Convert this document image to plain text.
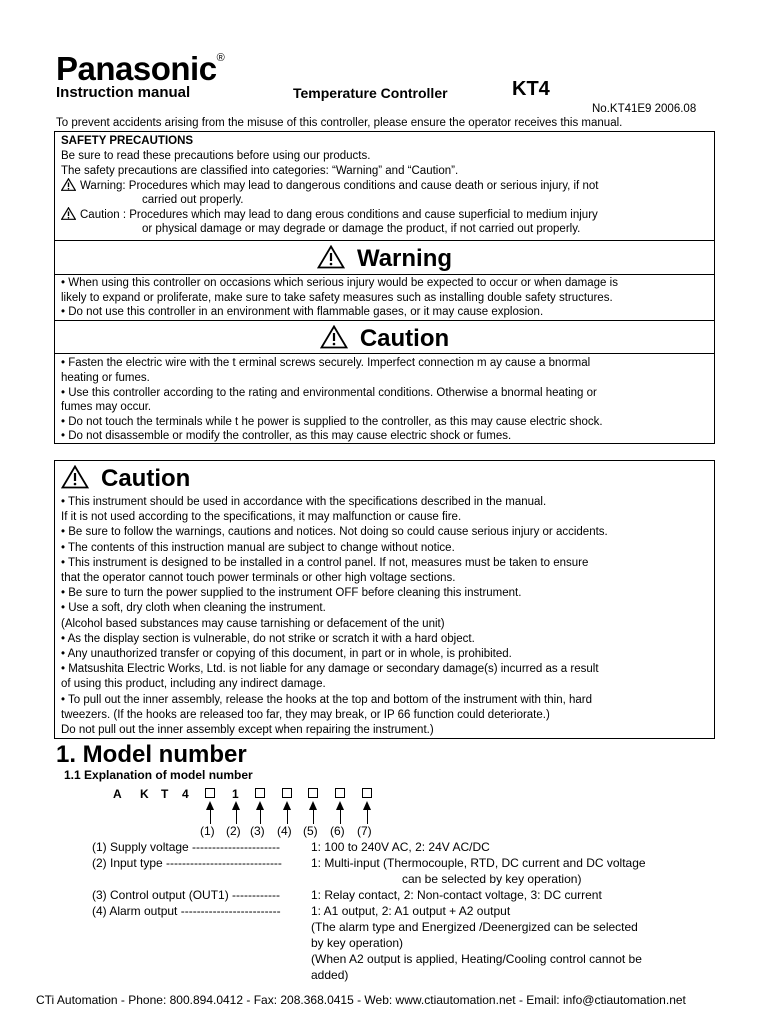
Panasonic®
Instruction manual	Temperature Controller	KT4
No.KT41E9 2006.08
To prevent accidents arising from the misuse of this controller, please ensure the operator receives this manual.
SAFETY PRECAUTIONS
Be sure to read these precautions before using our products.
The safety precautions are classified into categories: “Warning” and “Caution”.
Warning: Procedures which may lead to dangerous conditions and cause death or serious injury, if not
carried out properly.
Caution : Procedures which may lead to dang erous conditions and cause superficial to medium injury
or physical damage or may degrade or damage the product, if not carried out properly.
Warning
• When using this controller on occasions which serious injury would be expected to occur or when damage is
likely to expand or proliferate, make sure to take safety measures such as installing double safety structures.
• Do not use this controller in an environment with flammable gases, or it may cause explosion.
Caution
• Fasten the electric wire with the t erminal screws securely. Imperfect connection m ay cause a bnormal
heating or fumes.
• Use this controller according to the rating and environmental conditions. Otherwise a bnormal heating or
fumes may occur.
• Do not touch the terminals while t he power is supplied to the controller, as this may cause electric shock.
• Do not disassemble or modify the controller, as this may cause electric shock or fumes.
Caution
• This instrument should be used in accordance with the specifications described in the manual.
If it is not used according to the specifications, it may malfunction or cause fire.
• Be sure to follow the warnings, cautions and notices. Not doing so could cause serious injury or accidents.
• The contents of this instruction manual are subject to change without notice.
• This instrument is designed to be installed in a control panel. If not, measures must be taken to ensure
that the operator cannot touch power terminals or other high voltage sections.
• Be sure to turn the power supplied to the instrument OFF before cleaning this instrument.
• Use a soft, dry cloth when cleaning the instrument.
(Alcohol based substances may cause tarnishing or defacement of the unit)
• As the display section is vulnerable, do not strike or scratch it with a hard object.
• Any unauthorized transfer or copying of this document, in part or in whole, is prohibited.
• Matsushita Electric Works, Ltd. is not liable for any damage or secondary damage(s) incurred as a result
of using this product, including any indirect damage.
• To pull out the inner assembly, release the hooks at the top and bottom of the instrument with thin, hard
tweezers. (If the hooks are released too far, they may break, or IP 66 function could deteriorate.)
Do not pull out the inner assembly except when repairing the instrument.)
1. Model number
1.1 Explanation of model number
A K T 4
(1)
1
(2) (3) (4) (5) (6) (7)
(1) Supply voltage ----------------------	1: 100 to 240V AC, 2: 24V AC/DC
(2) Input type ----------------------------- 1: Multi-input (Thermocouple, RTD, DC current and DC voltage
can be selected by key operation)
(3) Control output (OUT1) ------------	1: Relay contact, 2: Non-contact voltage, 3: DC current
(4) Alarm output -------------------------	1: A1 output, 2: A1 output + A2 output
(The alarm type and Energized /Deenergized can be selected
by key operation)
(When A2 output is applied, Heating/Cooling control cannot be
added)
CTi Automation - Phone: 800.894.0412 - Fax: 208.368.0415 - Web: www.ctiautomation.net - Email: info@ctiautomation.net
